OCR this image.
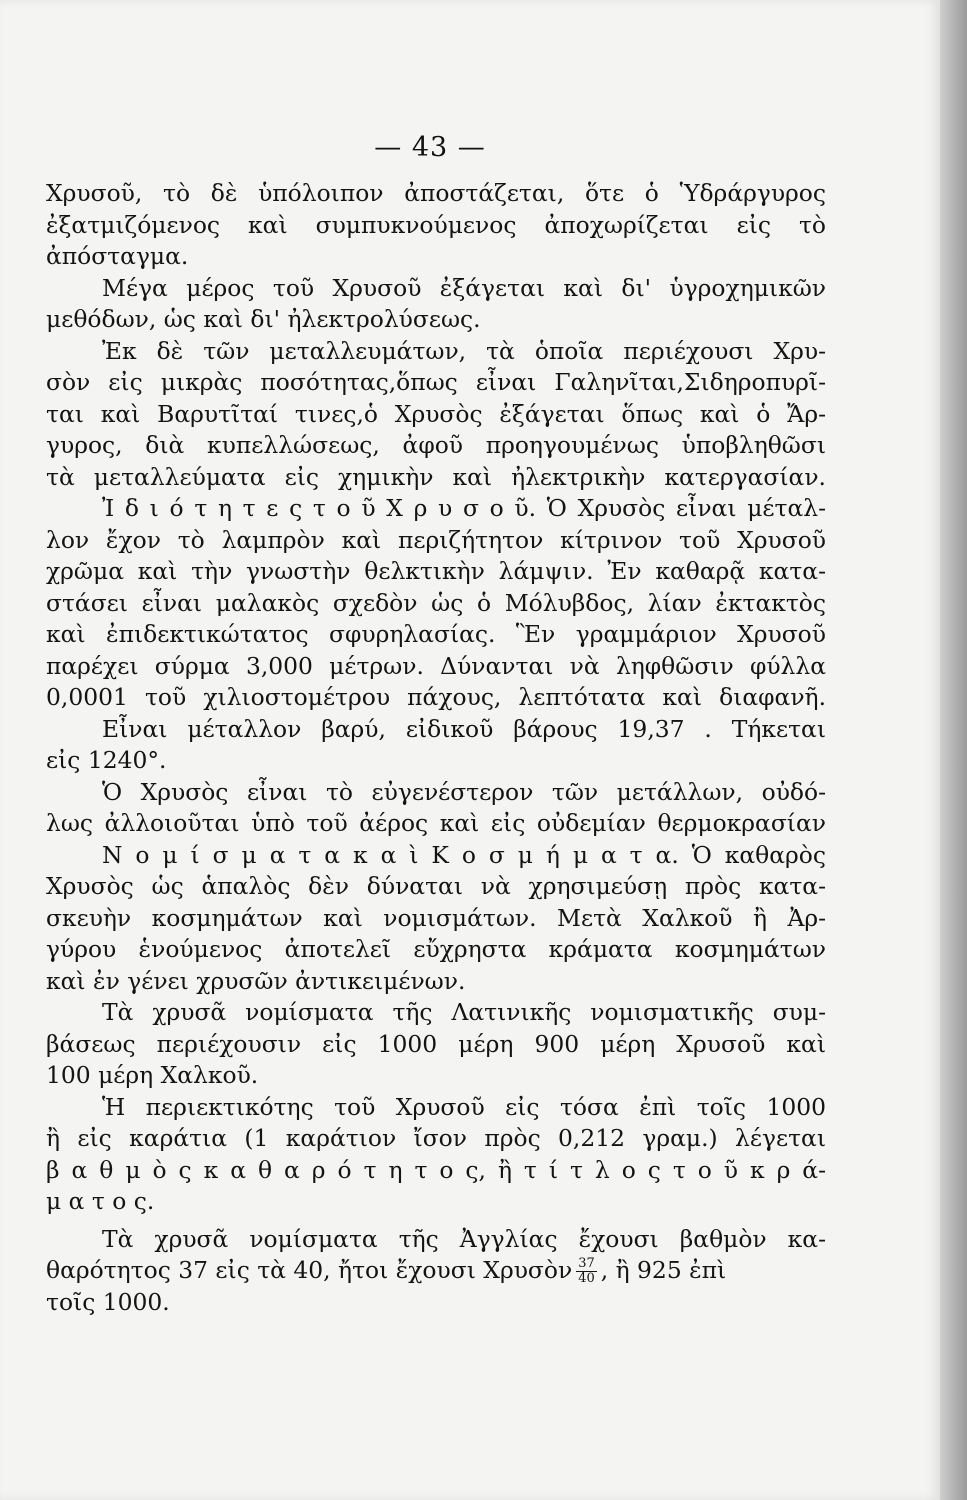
— 43 —
Χρυσοῦ, τὸ δὲ ὑπόλοιπον ἀποστάζεται, ὅτε ὁ Ὑδράργυρος
ἐξατμιζόμενος καὶ συμπυκνούμενος ἀποχωρίζεται εἰς τὸ
ἀπόσταγμα.
Μέγα μέρος τοῦ Χρυσοῦ ἐξάγεται καὶ δι' ὑγροχημικῶν
μεθόδων, ὡς καὶ δι' ἠλεκτρολύσεως.
Ἐκ δὲ τῶν μεταλλευμάτων, τὰ ὁποῖα περιέχουσι Χρυ-
σὸν εἰς μικρὰς ποσότητας,ὅπως εἶναι Γαληνῖται,Σιδηροπυρῖ-
ται καὶ Βαρυτῖταί τινες,ὁ Χρυσὸς ἐξάγεται ὅπως καὶ ὁ Ἄρ-
γυρος, διὰ κυπελλώσεως, ἀφοῦ προηγουμένως ὑποβληθῶσι
τὰ μεταλλεύματα εἰς χημικὴν καὶ ἠλεκτρικὴν κατεργασίαν.
Ἰ δ ι ό τ η τ ε ς τ ο ῦ Χ ρ υ σ ο ῦ. Ὁ Χρυσὸς εἶναι μέταλ-
λον ἔχον τὸ λαμπρὸν καὶ περιζήτητον κίτρινον τοῦ Χρυσοῦ
χρῶμα καὶ τὴν γνωστὴν θελκτικὴν λάμψιν. Ἐν καθαρᾷ κατα-
στάσει εἶναι μαλακὸς σχεδὸν ὡς ὁ Μόλυβδος, λίαν ἐκτακτὸς
καὶ ἐπιδεκτικώτατος σφυρηλασίας. Ἓν γραμμάριον Χρυσοῦ
παρέχει σύρμα 3,000 μέτρων. Δύνανται νὰ ληφθῶσιν φύλλα
0,0001 τοῦ χιλιοστομέτρου πάχους, λεπτότατα καὶ διαφανῆ.
Εἶναι μέταλλον βαρύ, εἰδικοῦ βάρους 19,37 . Τήκεται
εἰς 1240°.
Ὁ Χρυσὸς εἶναι τὸ εὐγενέστερον τῶν μετάλλων, οὐδό-
λως ἀλλοιοῦται ὑπὸ τοῦ ἀέρος καὶ εἰς οὐδεμίαν θερμοκρασίαν
Ν ο μ ί σ μ α τ α κ α ὶ Κ ο σ μ ή μ α τ α. Ὁ καθαρὸς
Χρυσὸς ὡς ἁπαλὸς δὲν δύναται νὰ χρησιμεύσῃ πρὸς κατα-
σκευὴν κοσμημάτων καὶ νομισμάτων. Μετὰ Χαλκοῦ ἢ Ἀρ-
γύρου ἑνούμενος ἀποτελεῖ εὔχρηστα κράματα κοσμημάτων
καὶ ἐν γένει χρυσῶν ἀντικειμένων.
Τὰ χρυσᾶ νομίσματα τῆς Λατινικῆς νομισματικῆς συμ-
βάσεως περιέχουσιν εἰς 1000 μέρη 900 μέρη Χρυσοῦ καὶ
100 μέρη Χαλκοῦ.
Ἡ περιεκτικότης τοῦ Χρυσοῦ εἰς τόσα ἐπὶ τοῖς 1000
ἢ εἰς καράτια (1 καράτιον ἴσον πρὸς 0,212 γραμ.) λέγεται
β α θ μ ὸ ς κ α θ α ρ ό τ η τ ο ς, ἢ τ ί τ λ ο ς τ ο ῦ κ ρ ά-
μ α τ ο ς.
Τὰ χρυσᾶ νομίσματα τῆς Ἀγγλίας ἔχουσι βαθμὸν κα-
θαρότητος 37 εἰς τὰ 40, ἤτοι ἔχουσι Χρυσὸν $\frac{37}{40}$ , ἢ 925 ἐπὶ
τοῖς 1000.
